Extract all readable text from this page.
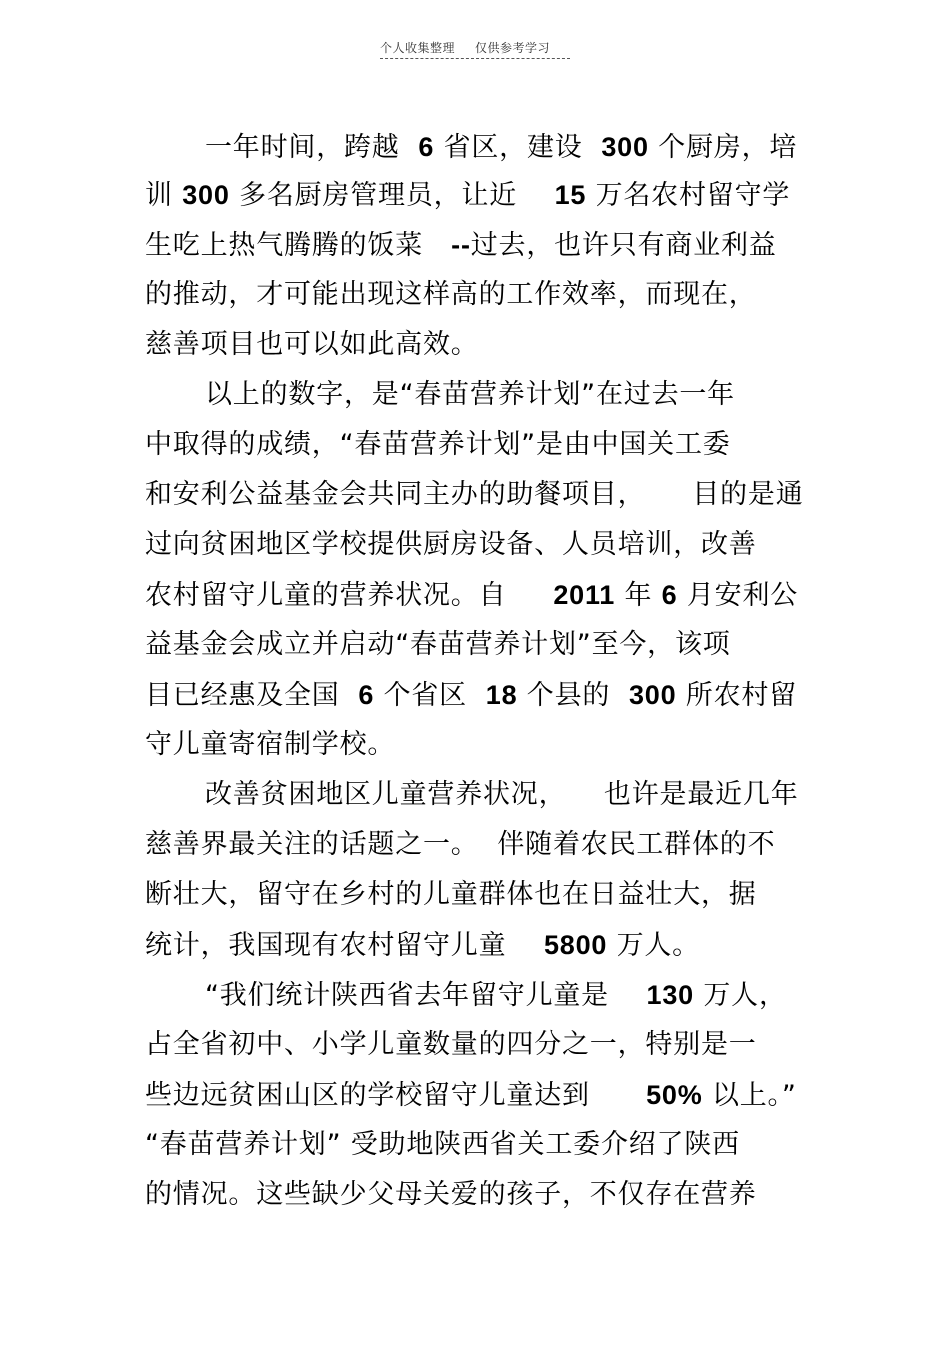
个人收集整理 仅供参考学习
一年时间，跨越  6 省区，建设  300 个厨房，培
训 300 多名厨房管理员，让近    15 万名农村留守学
生吃上热气腾腾的饭菜   --过去，也许只有商业利益
的推动，才可能出现这样高的工作效率，而现在，
慈善项目也可以如此高效。
以上的数字，是“春苗营养计划”在过去一年
中取得的成绩，“春苗营养计划”是由中国关工委
和安利公益基金会共同主办的助餐项目，     目的是通
过向贫困地区学校提供厨房设备、人员培训，改善
农村留守儿童的营养状况。自     2011 年 6 月安利公
益基金会成立并启动“春苗营养计划”至今，该项
目已经惠及全国  6 个省区  18 个县的  300 所农村留
守儿童寄宿制学校。
改善贫困地区儿童营养状况，    也许是最近几年
慈善界最关注的话题之一。  伴随着农民工群体的不
断壮大，留守在乡村的儿童群体也在日益壮大，据
统计，我国现有农村留守儿童    5800 万人。
“我们统计陕西省去年留守儿童是    130 万人，
占全省初中、小学儿童数量的四分之一，特别是一
些边远贫困山区的学校留守儿童达到      50% 以上。”
“春苗营养计划” 受助地陕西省关工委介绍了陕西
的情况。这些缺少父母关爱的孩子，不仅存在营养
